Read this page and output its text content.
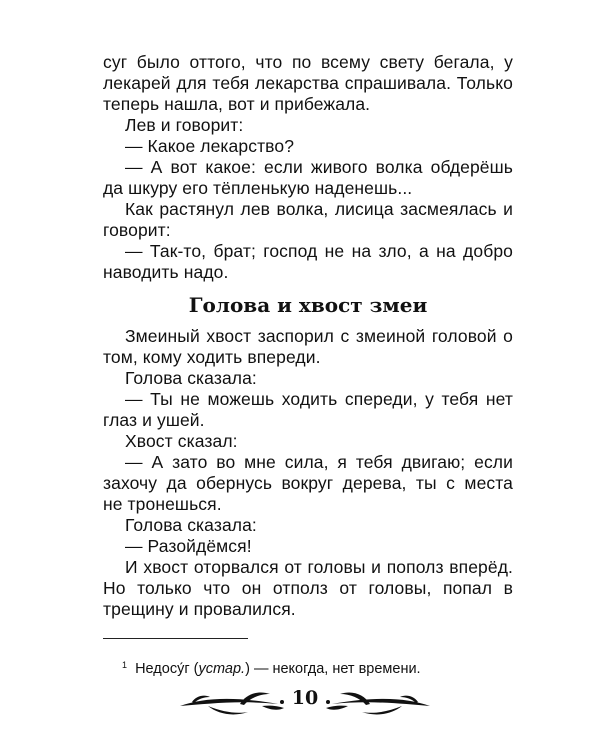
суг было оттого, что по всему свету бегала, у
лекарей для тебя лекарства спрашивала. Только
теперь нашла, вот и прибежала.
Лев и говорит:
— Какое лекарство?
— А вот какое: если живого волка обдерёшь
да шкуру его тёпленькую наденешь...
Как растянул лев волка, лисица засмеялась и
говорит:
— Так-то, брат; господ не на зло, а на добро
наводить надо.
Голова и хвост змеи
Змеиный хвост заспорил с змеиной головой о
том, кому ходить впереди.
Голова сказала:
— Ты не можешь ходить спереди, у тебя нет
глаз и ушей.
Хвост сказал:
— А зато во мне сила, я тебя двигаю; если
захочу да обернусь вокруг дерева, ты с места
не тронешься.
Голова сказала:
— Разойдёмся!
И хвост оторвался от головы и пополз вперёд.
Но только что он отполз от головы, попал в
трещину и провалился.
$^1$ Недосу́г (устар.) — некогда, нет времени.
10
